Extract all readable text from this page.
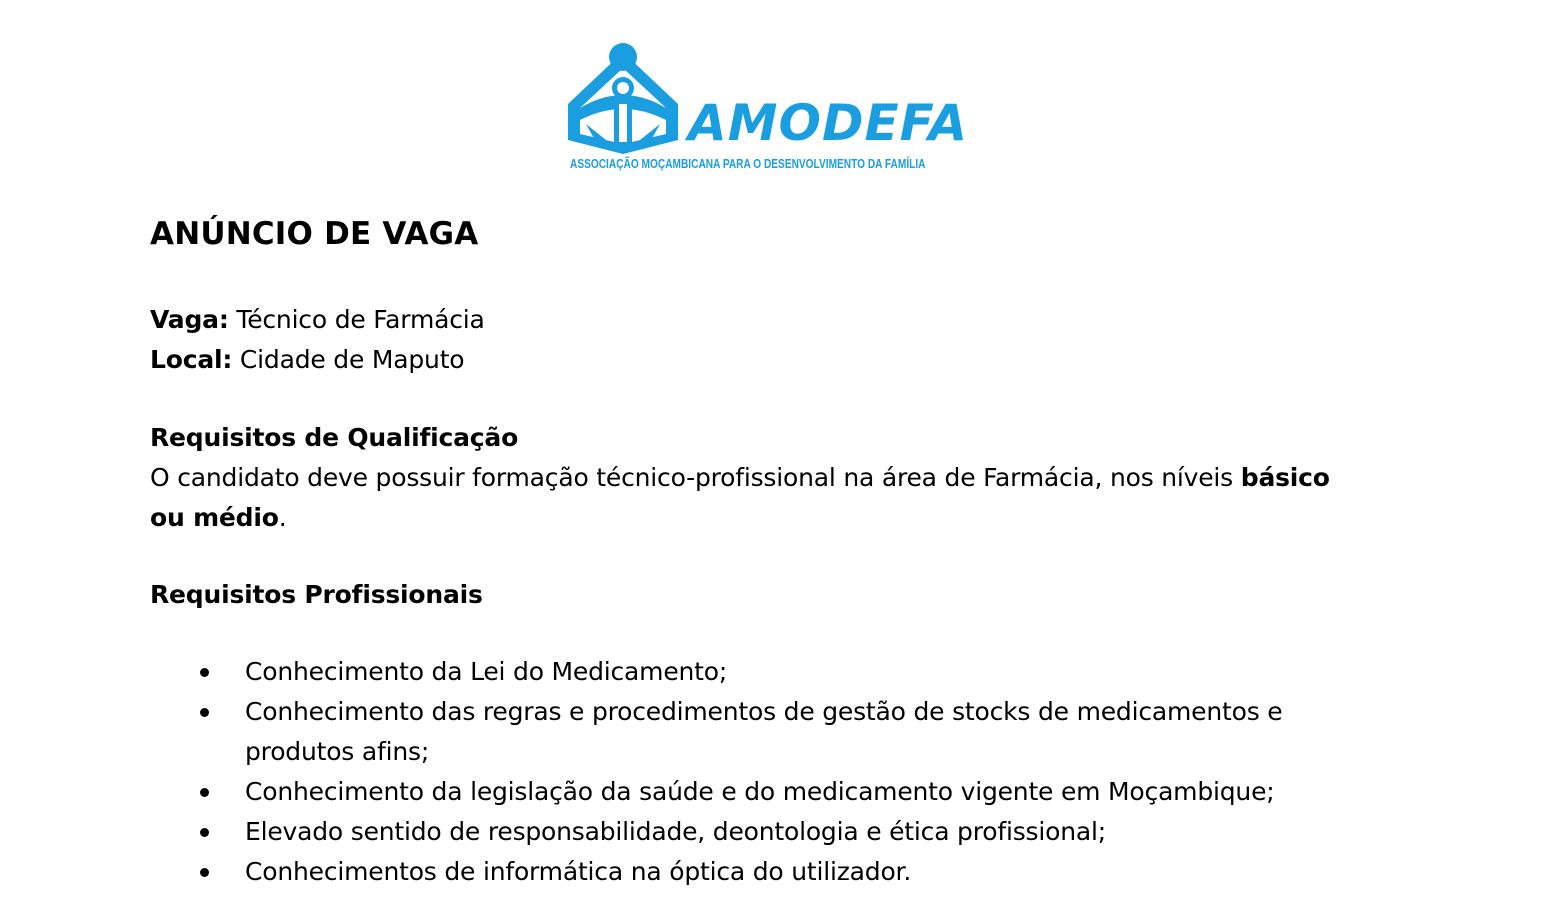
AMODEFA
ASSOCIAÇÃO MOÇAMBICANA PARA O DESENVOLVIMENTO DA FAMÍLIA
ANÚNCIO DE VAGA
Vaga: Técnico de Farmácia
Local: Cidade de Maputo
Requisitos de Qualificação
O candidato deve possuir formação técnico-profissional na área de Farmácia, nos níveis básico ou médio.
Requisitos Profissionais
Conhecimento da Lei do Medicamento;
Conhecimento das regras e procedimentos de gestão de stocks de medicamentos e produtos afins;
Conhecimento da legislação da saúde e do medicamento vigente em Moçambique;
Elevado sentido de responsabilidade, deontologia e ética profissional;
Conhecimentos de informática na óptica do utilizador.
